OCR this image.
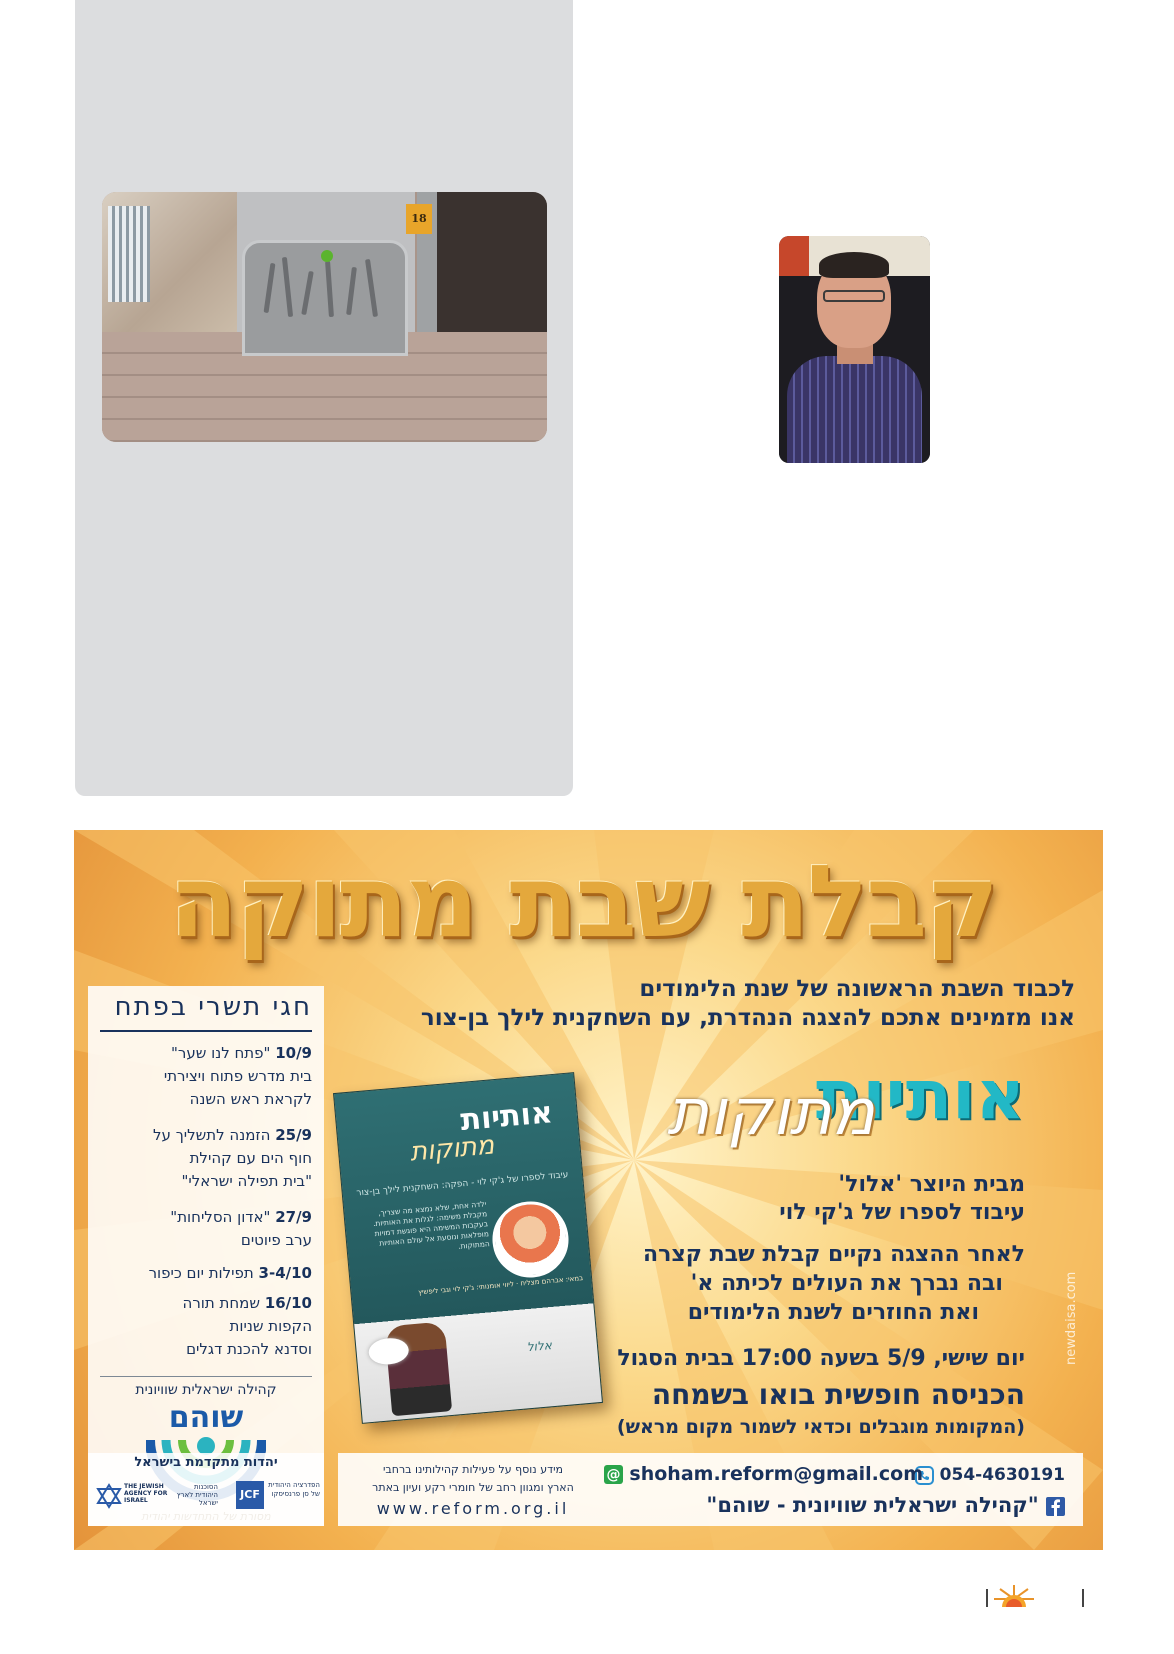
18
קבלת שבת מתוקה
לכבוד השבת הראשונה של שנת הלימודים
אנו מזמינים אתכם להצגה הנהדרת, עם השחקנית לילך בן-צור
אותיות
מתוקות
מבית היוצר 'אלול'
עיבוד לספרו של ג'קי לוי
לאחר ההצגה נקיים קבלת שבת קצרה
ובה נברך את העולים לכיתה א'
ואת החוזרים לשנת הלימודים
יום שישי, 5/9 בשעה 17:00 בבית הסגול
הכניסה חופשית בואו בשמחה
(המקומות מוגבלים וכדאי לשמור מקום מראש)
newdaisa.com
אותיות
מתוקות
עיבוד לספרו של ג'קי לוי - הפקה: השחקנית לילך בן-צור
ילדה אחת, שלא נמצא מה שצריך, מקבלת משימה: לגלות את האותיות. בעקבות המשימה היא פוגשת דמויות מופלאות ונוסעת אל עולם האותיות המתוקות.
במאי: אברהם מצליח · ליווי אומנותי: ג'קי לוי וגבי ליפשיץ
אלול
חגי תשרי בפתח
10/9 "פתח לנו שער"
בית מדרש פתוח ויצירתי
לקראת ראש השנה
25/9 הזמנה לתשליך על
חוף הים עם קהילת
"בית תפילה ישראלי"
27/9 "אדון הסליחות"
ערב פיוטים
3-4/10 תפילות יום כיפור
16/10 שמחת תורה
הקפות שניות
וסדנא להכנת דגלים
קהילה ישראלית שוויונית
שוהם
054-4630191
@ shoham.reform@gmail.com
"קהילה ישראלית שוויונית - שוהם"
מידע נוסף על פעילות קהילותינו ברחבי
הארץ ומגוון רחב של חומרי רקע ועיון באתר
www.reform.org.il
יהדות מתקדמת בישראל
THE JEWISH AGENCY FOR ISRAEL
הסוכנות היהודית לארץ ישראל
JCF
הפדרציה היהודית של סן פרנסיסקו
